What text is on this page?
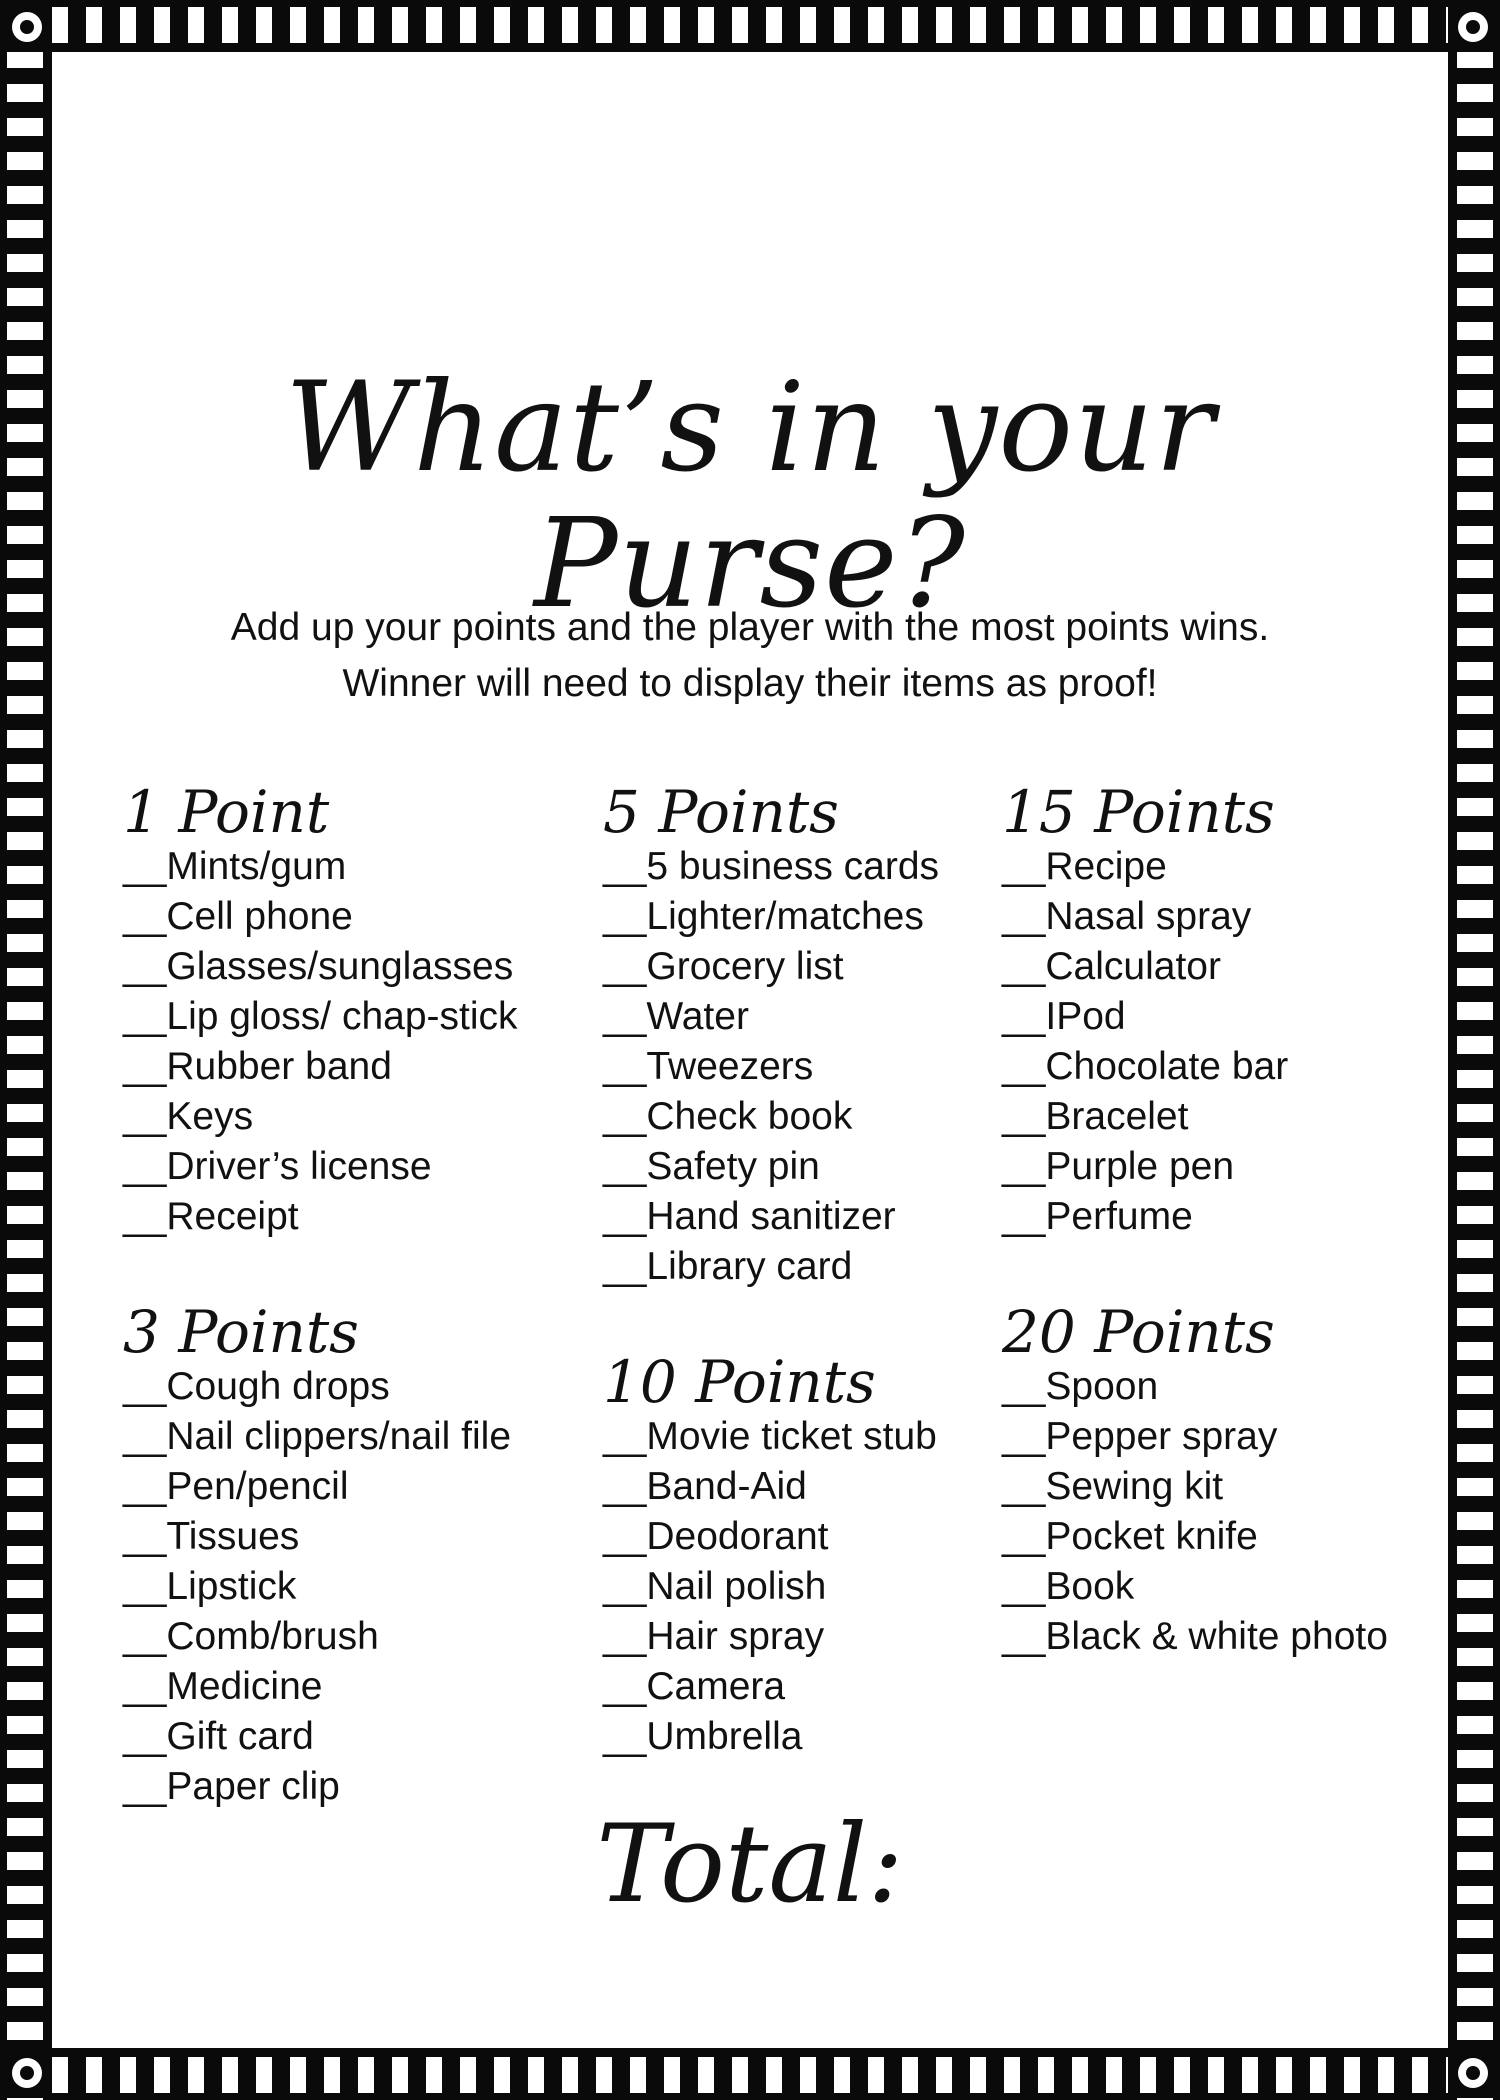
What’s in your Purse?
Add up your points and the player with the most points wins.
Winner will need to display their items as proof!
1 Point
__Mints/gum
__Cell phone
__Glasses/sunglasses
__Lip gloss/ chap-stick
__Rubber band
__Keys
__Driver’s license
__Receipt
3 Points
__Cough drops
__Nail clippers/nail file
__Pen/pencil
__Tissues
__Lipstick
__Comb/brush
__Medicine
__Gift card
__Paper clip
5 Points
__5 business cards
__Lighter/matches
__Grocery list
__Water
__Tweezers
__Check book
__Safety pin
__Hand sanitizer
__Library card
10 Points
__Movie ticket stub
__Band-Aid
__Deodorant
__Nail polish
__Hair spray
__Camera
__Umbrella
15 Points
__Recipe
__Nasal spray
__Calculator
__IPod
__Chocolate bar
__Bracelet
__Purple pen
__Perfume
20 Points
__Spoon
__Pepper spray
__Sewing kit
__Pocket knife
__Book
__Black & white photo
Total:
